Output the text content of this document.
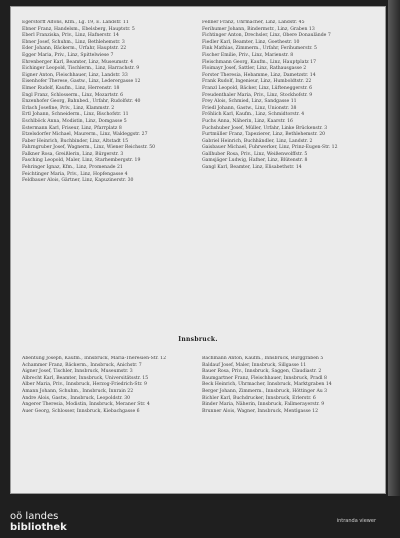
Egerstorff Alfons, Kfm., Lg. 19, E. Landstr. 11

Ebner Franz, Handelsm., Ebelsberg, Hauptstr. 5

Eberl Franziska, Priv., Linz, Hafnerstr. 14

Ebner Josef, Schuhm., Linz, Bethlehemstr. 3

Eder Johann, Bäckerm., Urfahr, Hauptstr. 22

Egger Maria, Priv., Linz, Spittelwiese 7

Ehrenberger Karl, Beamter, Linz, Museumstr. 4

Eichinger Leopold, Tischlerm., Linz, Harrachstr. 9

Eigner Anton, Fleischhauer, Linz, Landstr. 33

Eisenhofer Therese, Gastw., Linz, Lederergasse 12

Elmer Rudolf, Kaufm., Linz, Herrenstr. 18

Engl Franz, Schlosserm., Linz, Mozartstr. 6

Enzenhofer Georg, Bahnbed., Urfahr, Rudolfstr. 40

Erlach Josefine, Priv., Linz, Klammstr. 2

Ertl Johann, Schneiderm., Linz, Bischofstr. 11

Eschlböck Anna, Modistin, Linz, Domgasse 5

Estermann Karl, Friseur, Linz, Pfarrplatz 8

Etzelsdorfer Michael, Maurerm., Linz, Waldeggstr. 27

Faber Heinrich, Buchbinder, Linz, Altstadt 15

Fahrngruber Josef, Wagnerm., Linz, Wiener Reichsstr. 50

Falkner Rosa, Greißlerin, Linz, Bürgerstr. 3

Fasching Leopold, Maler, Linz, Starhembergstr. 19

Fehringer Ignaz, Kfm., Linz, Promenade 21

Feichtinger Maria, Priv., Linz, Hopfengasse 4

Feldbauer Alois, Gärtner, Linz, Kapuzinerstr. 30

Fellner Franz, Uhrmacher, Linz, Landstr. 45

Ferihumer Johann, Bindermstr., Linz, Graben 13

Fichtinger Anton, Drechsler, Linz, Obere Donaulände 7

Fiedler Karl, Beamter, Linz, Goethestr. 10

Fink Mathias, Zimmerm., Urfahr, Ferihumerstr. 5

Fischer Emilie, Priv., Linz, Marienstr. 8

Fleischmann Georg, Kaufm., Linz, Hauptplatz 17

Floimayr Josef, Sattler, Linz, Rathausgasse 2

Forster Theresia, Hebamme, Linz, Dametzstr. 14

Frank Rudolf, Ingenieur, Linz, Humboldtstr. 22

Franzl Leopold, Bäcker, Linz, Lüfteneggerstr. 6

Freudenthaler Maria, Priv., Linz, Stockhofstr. 9

Frey Alois, Schmied, Linz, Sandgasse 11

Friedl Johann, Gastw., Linz, Unionstr. 38

Fröhlich Karl, Kaufm., Linz, Schmidtorstr. 4

Fuchs Anna, Näherin, Linz, Kaarstr. 16

Fuchshuber Josef, Müller, Urfahr, Linke Brückenstr. 3

Furtmüller Franz, Tapezierer, Linz, Bethlehemstr. 20

Gabriel Heinrich, Buchhändler, Linz, Landstr. 2

Gaisbauer Michael, Fuhrwerker, Linz, Prinz-Eugen-Str. 12

Gallhuber Rosa, Priv., Linz, Weißenwolffstr. 5

Gamsjäger Ludwig, Hafner, Linz, Blütenstr. 8

Gangl Karl, Beamter, Linz, Elisabethstr. 14

Innsbruck.

Abentung Joseph, Kaufm., Innsbruck, Maria-Theresien-Str. 12

Achammer Franz, Bäckerm., Innsbruck, Anichstr. 7

Aigner Josef, Tischler, Innsbruck, Museumstr. 3

Albrecht Karl, Beamter, Innsbruck, Universitätsstr. 15

Alber Maria, Priv., Innsbruck, Herzog-Friedrich-Str. 9

Amann Johann, Schuhm., Innsbruck, Innrain 22

Andre Alois, Gastw., Innsbruck, Leopoldstr. 30

Angerer Theresia, Modistin, Innsbruck, Meraner Str. 4

Auer Georg, Schlosser, Innsbruck, Kiebachgasse 6

Bachmann Anton, Kaufm., Innsbruck, Burggraben 5

Baldauf Josef, Maler, Innsbruck, Sillgasse 11

Bauer Rosa, Priv., Innsbruck, Saggen, Claudiastr. 2

Baumgartner Franz, Fleischhauer, Innsbruck, Pradl 8

Beck Heinrich, Uhrmacher, Innsbruck, Marktgraben 14

Berger Johann, Zimmerm., Innsbruck, Höttinger Au 3

Bichler Karl, Buchdrucker, Innsbruck, Erlerstr. 6

Binder Maria, Näherin, Innsbruck, Fallmerayerstr. 9

Brunner Alois, Wagner, Innsbruck, Mentlgasse 12

oö landes
bibliothek
intranda viewer
